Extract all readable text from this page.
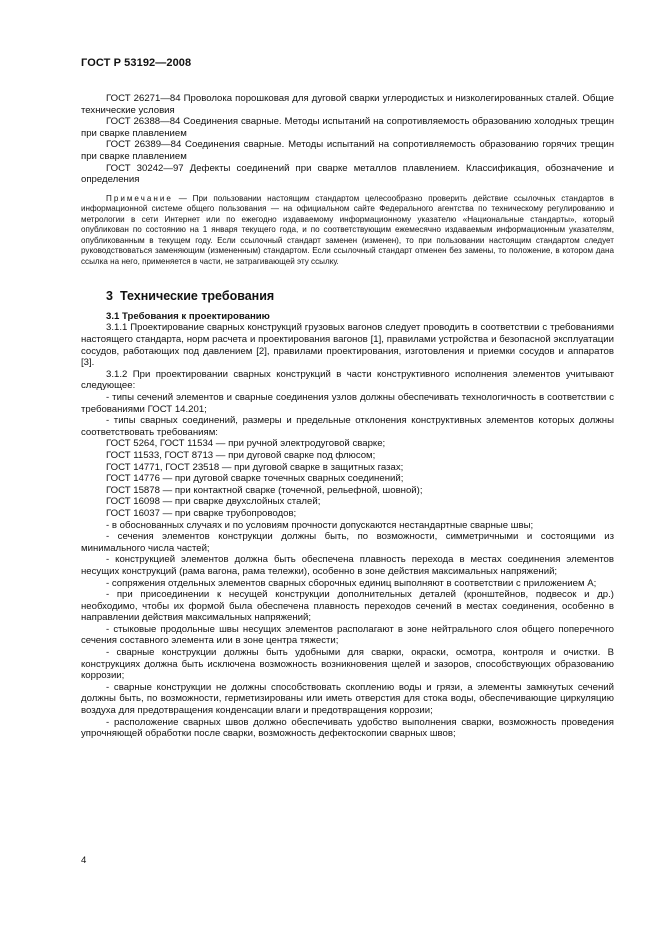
ГОСТ Р 53192—2008

ГОСТ 26271—84 Проволока порошковая для дуговой сварки углеродистых и низколегированных сталей. Общие технические условия

ГОСТ 26388—84 Соединения сварные. Методы испытаний на сопротивляемость образованию холодных трещин при сварке плавлением

ГОСТ 26389—84 Соединения сварные. Методы испытаний на сопротивляемость образованию горячих трещин при сварке плавлением

ГОСТ 30242—97 Дефекты соединений при сварке металлов плавлением. Классификация, обозначение и определения

Примечание — При пользовании настоящим стандартом целесообразно проверить действие ссылочных стандартов в информационной системе общего пользования — на официальном сайте Федерального агентства по техническому регулированию и метрологии в сети Интернет или по ежегодно издаваемому информационному указателю «Национальные стандарты», который опубликован по состоянию на 1 января текущего года, и по соответствующим ежемесячно издаваемым информационным указателям, опубликованным в текущем году. Если ссылочный стандарт заменен (изменен), то при пользовании настоящим стандартом следует руководствоваться заменяющим (измененным) стандартом. Если ссылочный стандарт отменен без замены, то положение, в котором дана ссылка на него, применяется в части, не затрагивающей эту ссылку.

3 Технические требования

3.1 Требования к проектированию

3.1.1 Проектирование сварных конструкций грузовых вагонов следует проводить в соответствии с требованиями настоящего стандарта, норм расчета и проектирования вагонов [1], правилами устройства и безопасной эксплуатации сосудов, работающих под давлением [2], правилами проектирования, изготовления и приемки сосудов и аппаратов [3].

3.1.2 При проектировании сварных конструкций в части конструктивного исполнения элементов учитывают следующее:

- типы сечений элементов и сварные соединения узлов должны обеспечивать технологичность в соответствии с требованиями ГОСТ 14.201;

- типы сварных соединений, размеры и предельные отклонения конструктивных элементов которых должны соответствовать требованиям:

ГОСТ 5264, ГОСТ 11534 — при ручной электродуговой сварке;

ГОСТ 11533, ГОСТ 8713 — при дуговой сварке под флюсом;

ГОСТ 14771, ГОСТ 23518 — при дуговой сварке в защитных газах;

ГОСТ 14776 — при дуговой сварке точечных сварных соединений;

ГОСТ 15878 — при контактной сварке (точечной, рельефной, шовной);

ГОСТ 16098 — при сварке двухслойных сталей;

ГОСТ 16037 — при сварке трубопроводов;

- в обоснованных случаях и по условиям прочности допускаются нестандартные сварные швы;

- сечения элементов конструкции должны быть, по возможности, симметричными и состоящими из минимального числа частей;

- конструкцией элементов должна быть обеспечена плавность перехода в местах соединения элементов несущих конструкций (рама вагона, рама тележки), особенно в зоне действия максимальных напряжений;

- сопряжения отдельных элементов сварных сборочных единиц выполняют в соответствии с приложением А;

- при присоединении к несущей конструкции дополнительных деталей (кронштейнов, подвесок и др.) необходимо, чтобы их формой была обеспечена плавность переходов сечений в местах соединения, особенно в направлении действия максимальных напряжений;

- стыковые продольные швы несущих элементов располагают в зоне нейтрального слоя общего поперечного сечения составного элемента или в зоне центра тяжести;

- сварные конструкции должны быть удобными для сварки, окраски, осмотра, контроля и очистки. В конструкциях должна быть исключена возможность возникновения щелей и зазоров, способствующих образованию коррозии;

- сварные конструкции не должны способствовать скоплению воды и грязи, а элементы замкнутых сечений должны быть, по возможности, герметизированы или иметь отверстия для стока воды, обеспечивающие циркуляцию воздуха для предотвращения конденсации влаги и предотвращения коррозии;

- расположение сварных швов должно обеспечивать удобство выполнения сварки, возможность проведения упрочняющей обработки после сварки, возможность дефектоскопии сварных швов;

4
